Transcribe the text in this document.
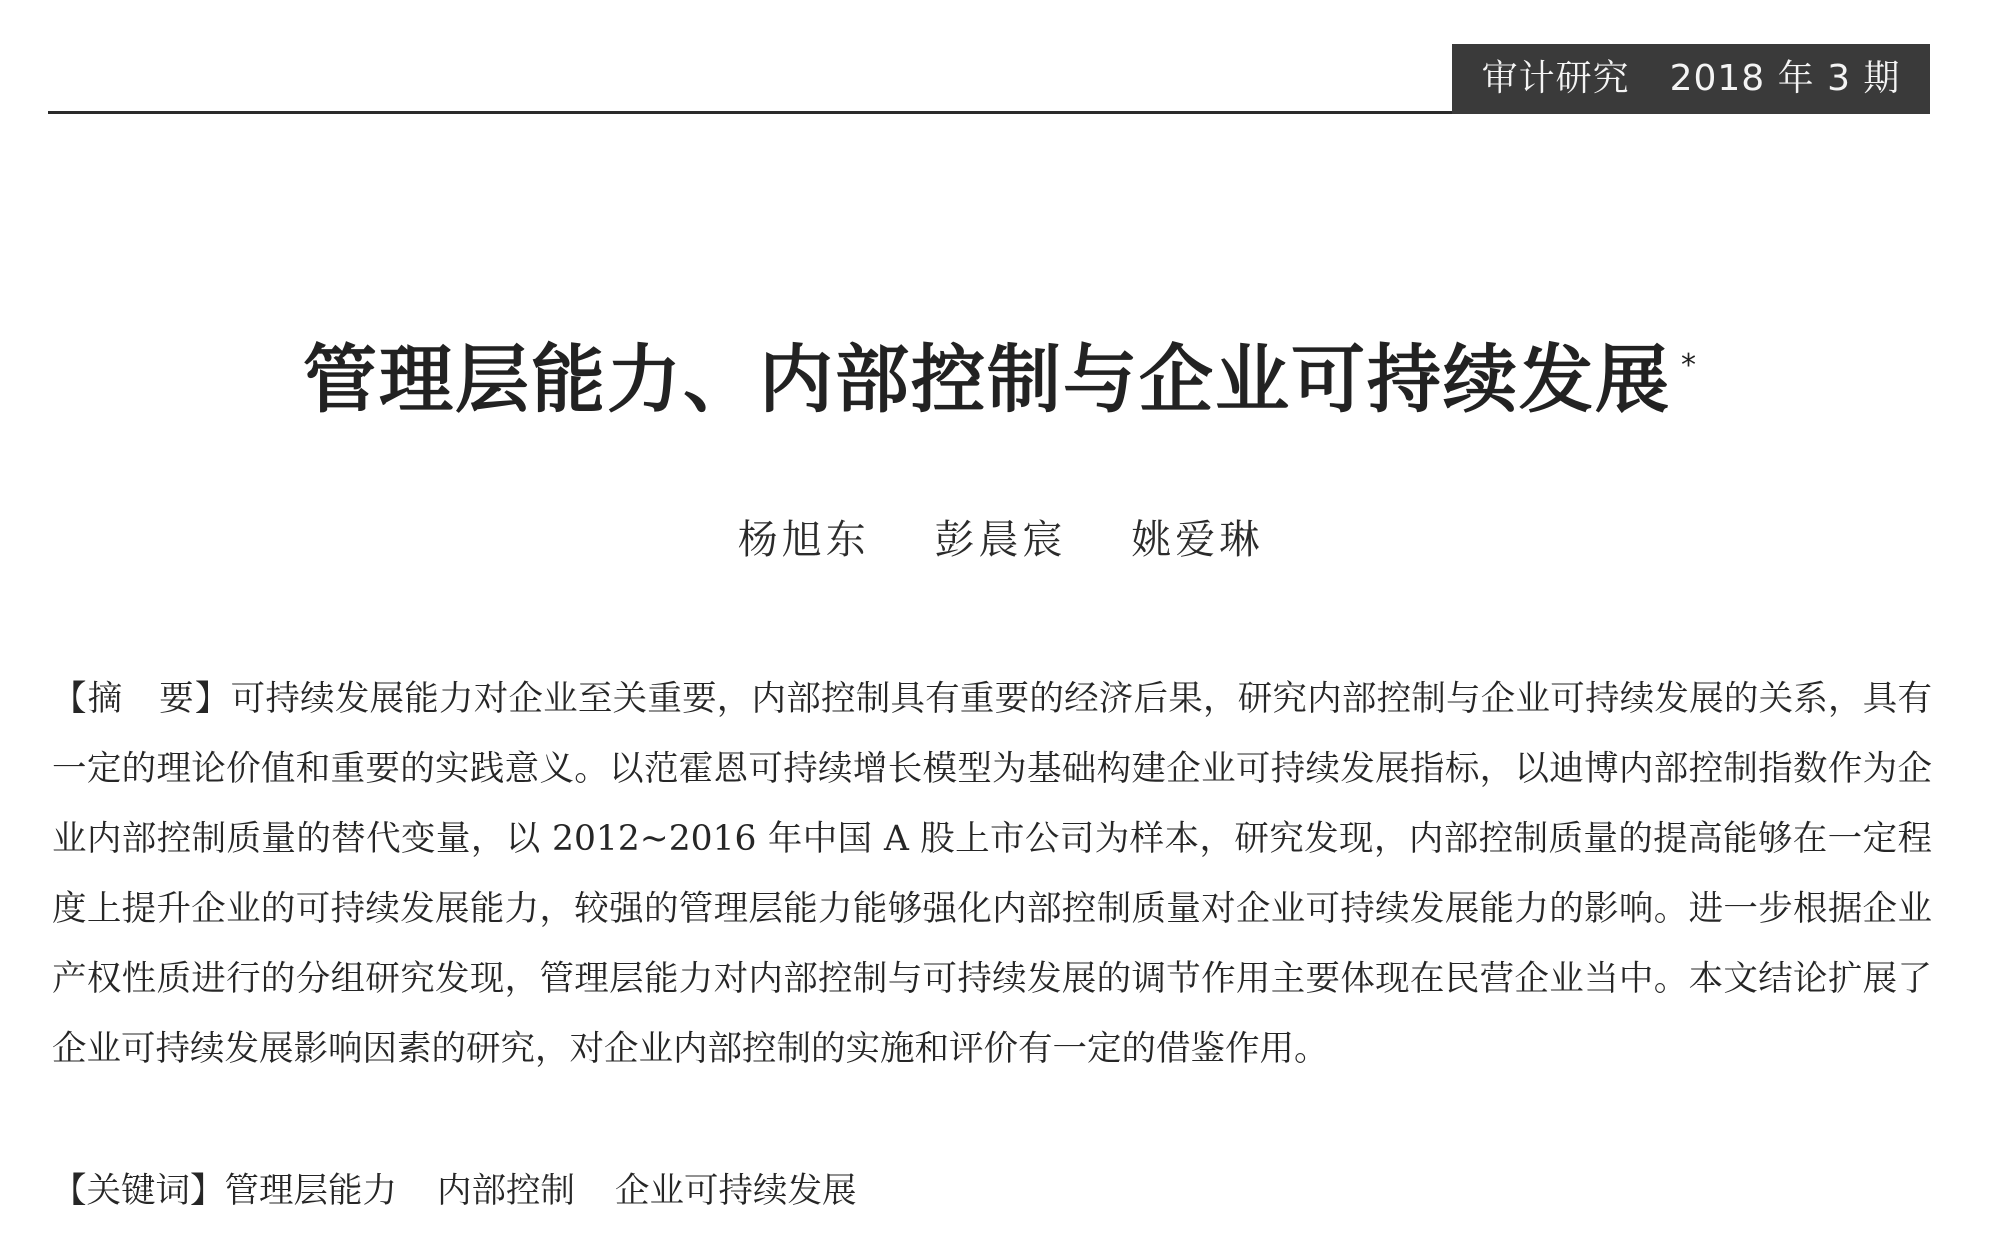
审计研究 2018 年 3 期
管理层能力、内部控制与企业可持续发展 *
杨旭东 彭晨宸 姚爱琳
【摘　要】可持续发展能力对企业至关重要，内部控制具有重要的经济后果，研究内部控制与企业可持续发展的关系，具有一定的理论价值和重要的实践意义。以范霍恩可持续增长模型为基础构建企业可持续发展指标，以迪博内部控制指数作为企业内部控制质量的替代变量，以 2012~2016 年中国 A 股上市公司为样本，研究发现，内部控制质量的提高能够在一定程度上提升企业的可持续发展能力，较强的管理层能力能够强化内部控制质量对企业可持续发展能力的影响。进一步根据企业产权性质进行的分组研究发现，管理层能力对内部控制与可持续发展的调节作用主要体现在民营企业当中。本文结论扩展了企业可持续发展影响因素的研究，对企业内部控制的实施和评价有一定的借鉴作用。
【关键词】管理层能力 内部控制 企业可持续发展
